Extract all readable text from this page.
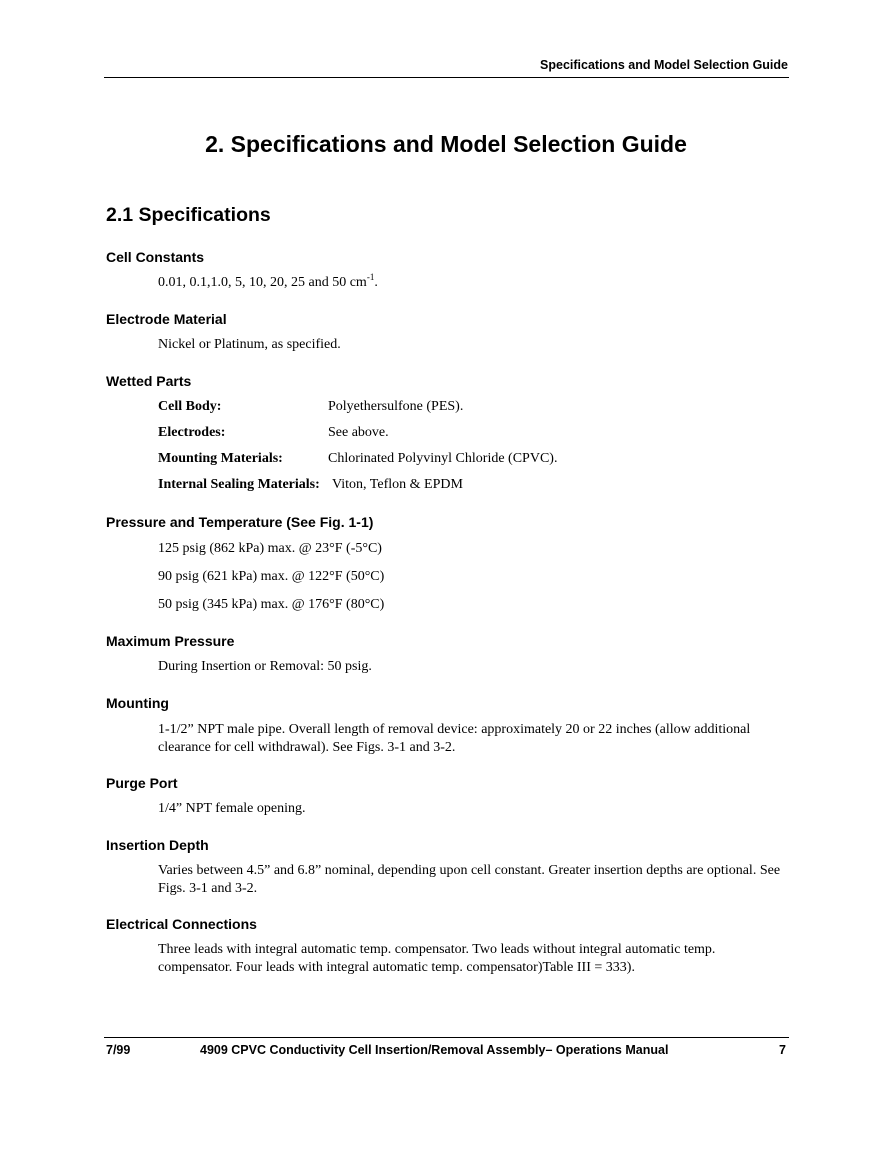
Specifications and Model Selection Guide
2. Specifications and Model Selection Guide
2.1 Specifications
Cell Constants
0.01, 0.1,1.0, 5, 10, 20, 25 and 50 $cm^{-1}$.
Electrode Material
Nickel or Platinum, as specified.
Wetted Parts
Cell Body:	Polyethersulfone (PES).
Electrodes:	See above.
Mounting Materials:	Chlorinated Polyvinyl Chloride (CPVC).
Internal Sealing Materials: Viton, Teflon & EPDM
Pressure and Temperature (See Fig. 1-1)
125 psig (862 kPa) max. @ 23°F (-5°C)
90 psig (621 kPa) max. @ 122°F (50°C)
50 psig (345 kPa) max. @ 176°F (80°C)
Maximum Pressure
During Insertion or Removal: 50 psig.
Mounting
1-1/2” NPT male pipe. Overall length of removal device: approximately 20 or 22 inches (allow additional clearance for cell withdrawal). See Figs. 3-1 and 3-2.
Purge Port
1/4” NPT female opening.
Insertion Depth
Varies between 4.5” and 6.8” nominal, depending upon cell constant. Greater insertion depths are optional. See Figs. 3-1 and 3-2.
Electrical Connections
Three leads with integral automatic temp. compensator. Two leads without integral automatic temp. compensator. Four leads with integral automatic temp. compensator)Table III = 333).
7/99	4909 CPVC Conductivity Cell Insertion/Removal Assembly– Operations Manual	7
